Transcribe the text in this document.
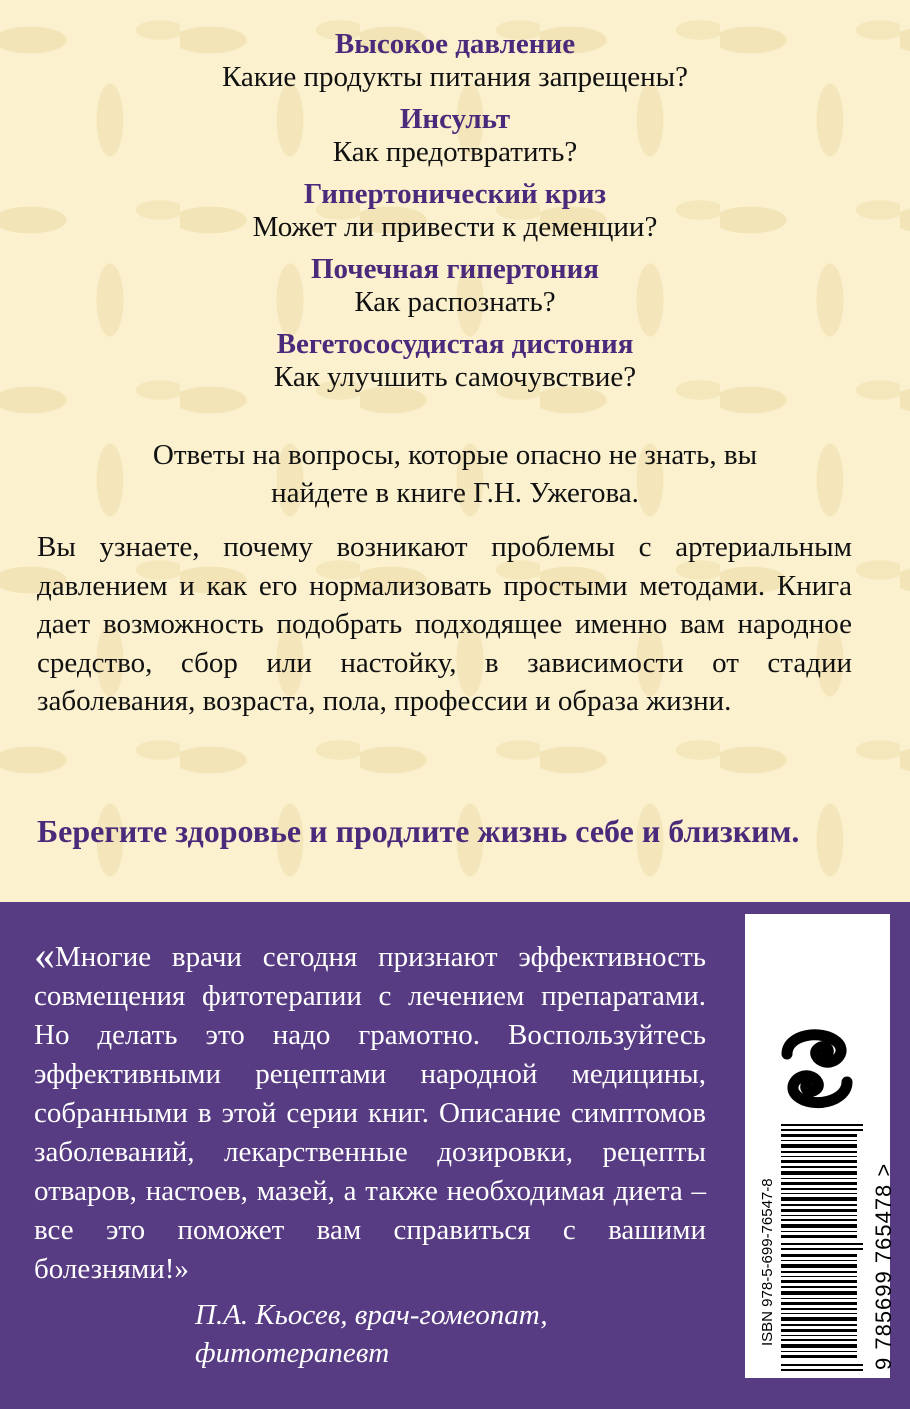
Высокое давление
Какие продукты питания запрещены?
Инсульт
Как предотвратить?
Гипертонический криз
Может ли привести к деменции?
Почечная гипертония
Как распознать?
Вегетососудистая дистония
Как улучшить самочувствие?
Ответы на вопросы, которые опасно не знать, вы
найдете в книге Г.Н. Ужегова.
Вы узнаете, почему возникают проблемы с артериальным давлением и как его нормализовать простыми методами. Книга дает возможность подобрать подходящее именно вам народное средство, сбор или настойку, в зависимости от стадии заболевания, возраста, пола, профессии и образа жизни.
Берегите здоровье и продлите жизнь себе и близким.
«Многие врачи сегодня признают эффективность совмещения фитотерапии с лечением препаратами. Но делать это надо грамотно. Воспользуйтесь эффективными рецептами народной медицины, собранными в этой серии книг. Описание симптомов заболеваний, лекарственные дозировки, рецепты отваров, настоев, мазей, а также необходимая диета – все это поможет вам справиться с вашими болезнями!»
П.А. Кьосев, врач-гомеопат,
фитотерапевт
ISBN 978-5-699-76547-8	9 785699 765478 >
